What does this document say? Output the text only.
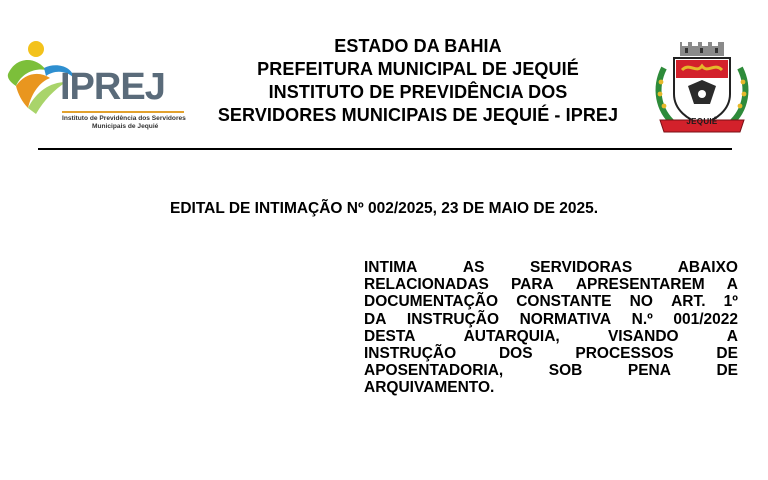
IPREJ
Instituto de Previdência dos Servidores
Municipais de Jequié
ESTADO DA BAHIA
PREFEITURA MUNICIPAL DE JEQUIÉ
INSTITUTO DE PREVIDÊNCIA DOS
SERVIDORES MUNICIPAIS DE JEQUIÉ - IPREJ	JEQUIÉ
EDITAL DE INTIMAÇÃO Nº 002/2025, 23 DE MAIO DE 2025.
INTIMA	AS	SERVIDORAS	ABAIXO
RELACIONADAS PARA APRESENTAREM A
DOCUMENTAÇÃO CONSTANTE NO ART. 1º
DA INSTRUÇÃO NORMATIVA N.º 001/2022
DESTA	AUTARQUIA,	VISANDO	A
INSTRUÇÃO	DOS	PROCESSOS	DE
APOSENTADORIA,	SOB	PENA	DE
ARQUIVAMENTO.
